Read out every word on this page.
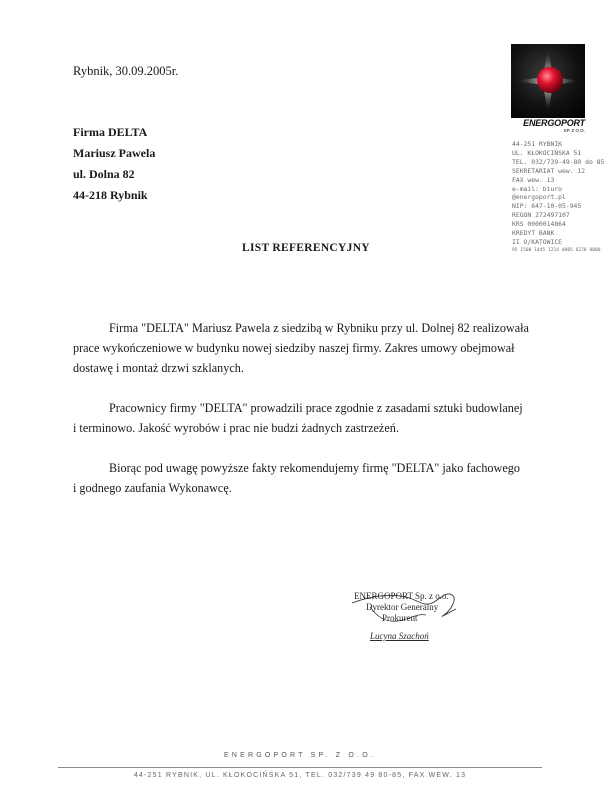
Rybnik, 30.09.2005r.
Firma DELTA
Mariusz Pawela
ul. Dolna 82
44-218 Rybnik
ENERGOPORT
SP. Z O.O.
44-251 RYBNIK
UL. KŁOKOCIŃSKA 51
TEL. 032/739-49-80 do 85
SEKRETARIAT wew. 12
FAX wew. 13
e-mail: biuro
@energoport.pl
NIP: 647-10-05-945
REGON 272497107
KRS 0000014864
KREDYT BANK
II O/KATOWICE
95 1500 1445 1214 4005 6278 0000
LIST REFERENCYJNY
Firma "DELTA" Mariusz Pawela z siedzibą w Rybniku przy ul. Dolnej 82 realizowała
prace wykończeniowe w budynku nowej siedziby naszej firmy. Zakres umowy obejmował
dostawę i montaż drzwi szklanych.
Pracownicy firmy "DELTA" prowadzili prace zgodnie z zasadami sztuki budowlanej
i terminowo. Jakość wyrobów i prac nie budzi żadnych zastrzeżeń.
Biorąc pod uwagę powyższe fakty rekomendujemy firmę "DELTA" jako fachowego
i godnego zaufania Wykonawcę.
ENERGOPORT Sp. z o.o.
Dyrektor Generalny
Prokurent
Lucyna Szachoń
ENERGOPORT SP. Z O.O.
44-251 RYBNIK, UL. KŁOKOCIŃSKA 51, TEL. 032/739 49 80-85, FAX WEW. 13
